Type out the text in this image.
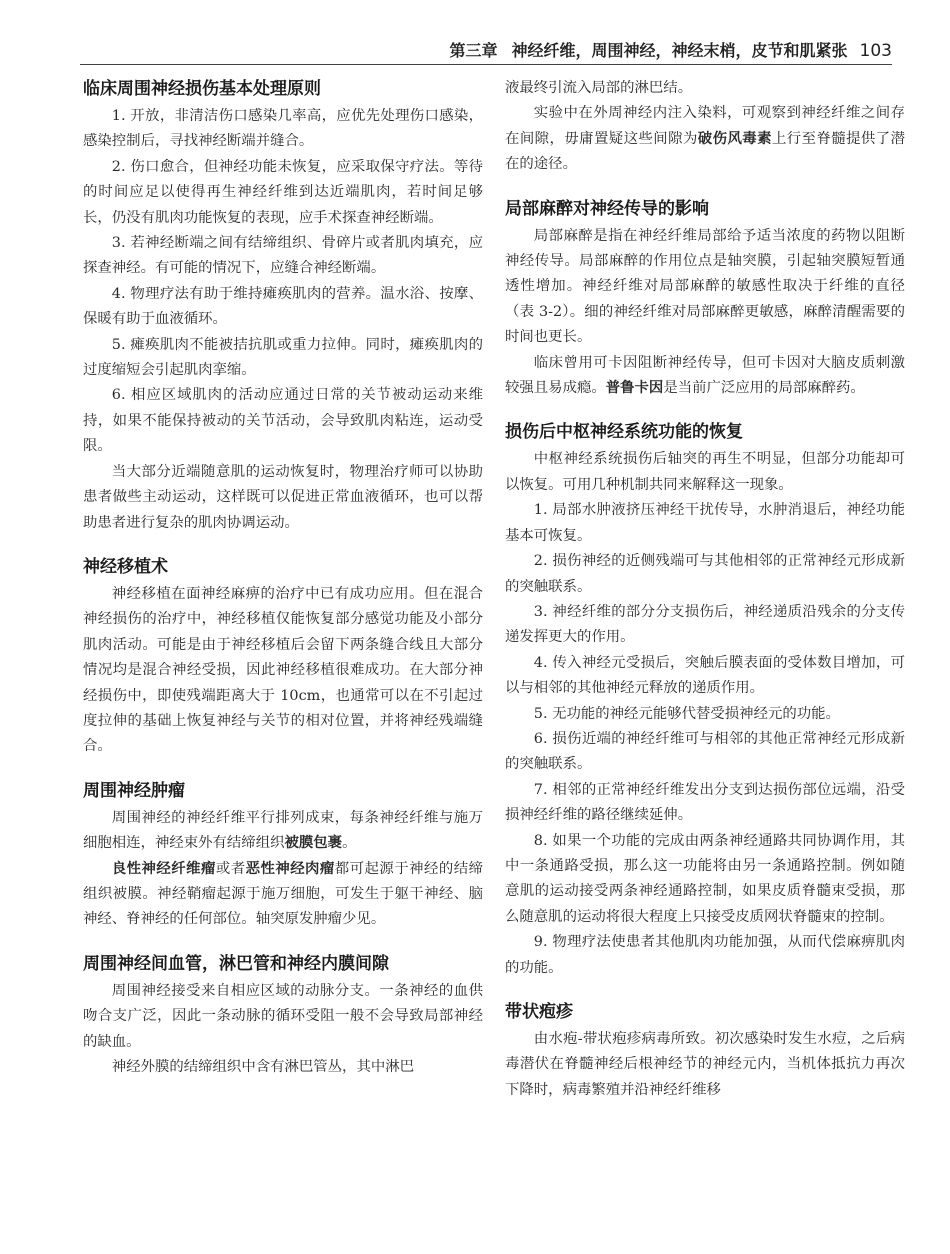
第三章 神经纤维，周围神经，神经末梢，皮节和肌紧张 103
临床周围神经损伤基本处理原则

1. 开放，非清洁伤口感染几率高，应优先处理伤口感染，感染控制后，寻找神经断端并缝合。

2. 伤口愈合，但神经功能未恢复，应采取保守疗法。等待的时间应足以使得再生神经纤维到达近端肌肉，若时间足够长，仍没有肌肉功能恢复的表现，应手术探查神经断端。

3. 若神经断端之间有结缔组织、骨碎片或者肌肉填充，应探查神经。有可能的情况下，应缝合神经断端。

4. 物理疗法有助于维持瘫痪肌肉的营养。温水浴、按摩、保暖有助于血液循环。

5. 瘫痪肌肉不能被拮抗肌或重力拉伸。同时，瘫痪肌肉的过度缩短会引起肌肉挛缩。

6. 相应区域肌肉的活动应通过日常的关节被动运动来维持，如果不能保持被动的关节活动，会导致肌肉粘连，运动受限。

当大部分近端随意肌的运动恢复时，物理治疗师可以协助患者做些主动运动，这样既可以促进正常血液循环，也可以帮助患者进行复杂的肌肉协调运动。

神经移植术

神经移植在面神经麻痹的治疗中已有成功应用。但在混合神经损伤的治疗中，神经移植仅能恢复部分感觉功能及小部分肌肉活动。可能是由于神经移植后会留下两条缝合线且大部分情况均是混合神经受损，因此神经移植很难成功。在大部分神经损伤中，即使残端距离大于 10cm，也通常可以在不引起过度拉伸的基础上恢复神经与关节的相对位置，并将神经残端缝合。

周围神经肿瘤

周围神经的神经纤维平行排列成束，每条神经纤维与施万细胞相连，神经束外有结缔组织被膜包裹。

良性神经纤维瘤或者恶性神经肉瘤都可起源于神经的结缔组织被膜。神经鞘瘤起源于施万细胞，可发生于躯干神经、脑神经、脊神经的任何部位。轴突原发肿瘤少见。

周围神经间血管，淋巴管和神经内膜间隙

周围神经接受来自相应区域的动脉分支。一条神经的血供吻合支广泛，因此一条动脉的循环受阻一般不会导致局部神经的缺血。

神经外膜的结缔组织中含有淋巴管丛，其中淋巴

液最终引流入局部的淋巴结。

实验中在外周神经内注入染料，可观察到神经纤维之间存在间隙，毋庸置疑这些间隙为破伤风毒素上行至脊髓提供了潜在的途径。

局部麻醉对神经传导的影响

局部麻醉是指在神经纤维局部给予适当浓度的药物以阻断神经传导。局部麻醉的作用位点是轴突膜，引起轴突膜短暂通透性增加。神经纤维对局部麻醉的敏感性取决于纤维的直径（表 3-2）。细的神经纤维对局部麻醉更敏感，麻醉清醒需要的时间也更长。

临床曾用可卡因阻断神经传导，但可卡因对大脑皮质刺激较强且易成瘾。普鲁卡因是当前广泛应用的局部麻醉药。

损伤后中枢神经系统功能的恢复

中枢神经系统损伤后轴突的再生不明显，但部分功能却可以恢复。可用几种机制共同来解释这一现象。

1. 局部水肿液挤压神经干扰传导，水肿消退后，神经功能基本可恢复。

2. 损伤神经的近侧残端可与其他相邻的正常神经元形成新的突触联系。

3. 神经纤维的部分分支损伤后，神经递质沿残余的分支传递发挥更大的作用。

4. 传入神经元受损后，突触后膜表面的受体数目增加，可以与相邻的其他神经元释放的递质作用。

5. 无功能的神经元能够代替受损神经元的功能。

6. 损伤近端的神经纤维可与相邻的其他正常神经元形成新的突触联系。

7. 相邻的正常神经纤维发出分支到达损伤部位远端，沿受损神经纤维的路径继续延伸。

8. 如果一个功能的完成由两条神经通路共同协调作用，其中一条通路受损，那么这一功能将由另一条通路控制。例如随意肌的运动接受两条神经通路控制，如果皮质脊髓束受损，那么随意肌的运动将很大程度上只接受皮质网状脊髓束的控制。

9. 物理疗法使患者其他肌肉功能加强，从而代偿麻痹肌肉的功能。

带状疱疹

由水疱-带状疱疹病毒所致。初次感染时发生水痘，之后病毒潜伏在脊髓神经后根神经节的神经元内，当机体抵抗力再次下降时，病毒繁殖并沿神经纤维移
